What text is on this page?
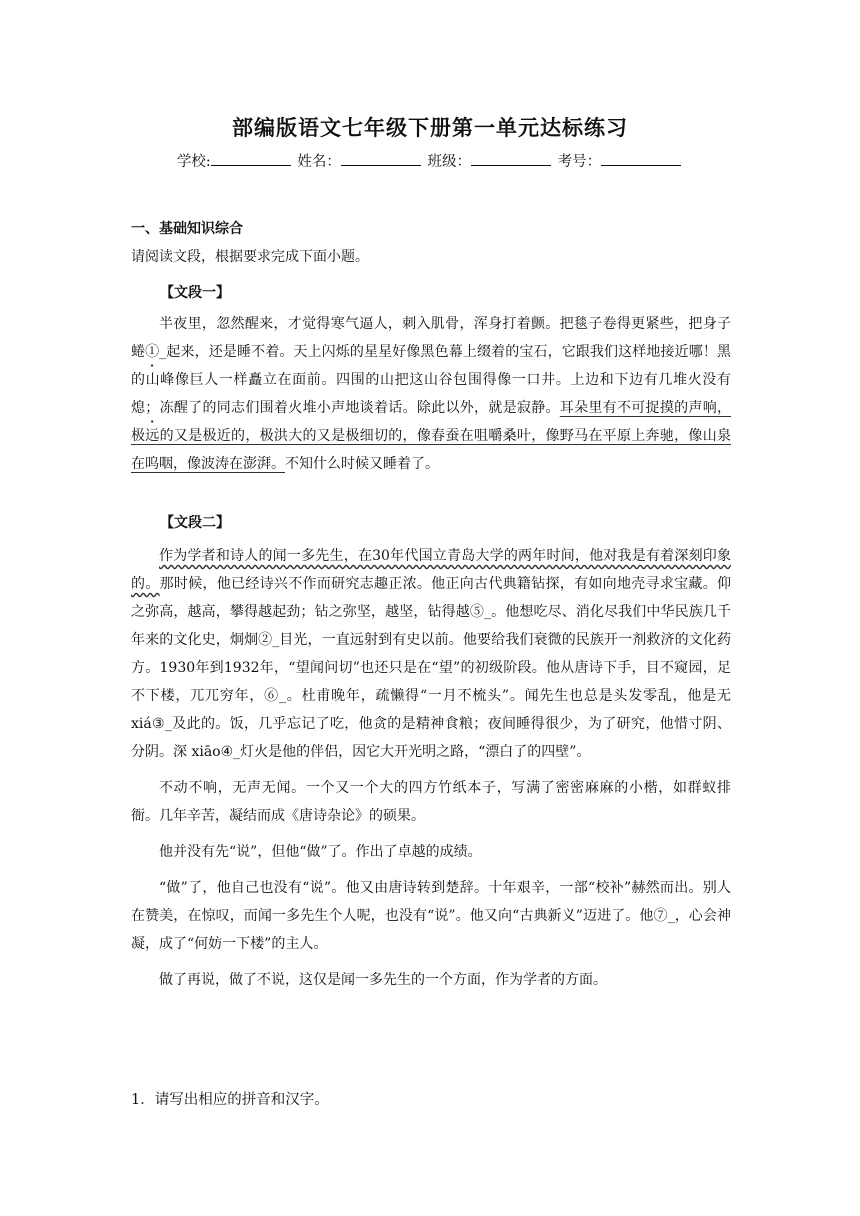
部编版语文七年级下册第一单元达标练习
学校:	姓名：	班级：	考号：
一、基础知识综合
请阅读文段，根据要求完成下面小题。
【文段一】

半夜里，忽然醒来，才觉得寒气逼人，刺入肌骨，浑身打着颤。把毯子卷得更紧些，把身子蜷①_起来，还是睡不着。天上闪烁的星星好像黑色幕上缀着的宝石，它跟我们这样地接近哪！黑的山峰像巨人一样矗立在面前。四围的山把这山谷包围得像一口井。上边和下边有几堆火没有熄；冻醒了的同志们围着火堆小声地谈着话。除此以外，就是寂静。耳朵里有不可捉摸的声响，极远的又是极近的，极洪大的又是极细切的，像春蚕在咀嚼桑叶，像野马在平原上奔驰，像山泉在呜咽，像波涛在澎湃。不知什么时候又睡着了。

【文段二】

作为学者和诗人的闻一多先生，在30年代国立青岛大学的两年时间，他对我是有着深刻印象的。那时候，他已经诗兴不作而研究志趣正浓。他正向古代典籍钻探，有如向地壳寻求宝藏。仰之弥高，越高，攀得越起劲；钻之弥坚，越坚，钻得越⑤_。他想吃尽、消化尽我们中华民族几千年来的文化史，炯炯②_目光，一直远射到有史以前。他要给我们衰微的民族开一剂救济的文化药方。1930年到1932年，“望闻问切”也还只是在“望”的初级阶段。他从唐诗下手，目不窥园，足不下楼，兀兀穷年，⑥_。杜甫晚年，疏懒得“一月不梳头”。闻先生也总是头发零乱，他是无 xiá③_及此的。饭，几乎忘记了吃，他贪的是精神食粮；夜间睡得很少，为了研究，他惜寸阴、分阴。深 xiāo④_灯火是他的伴侣，因它大开光明之路，“漂白了的四壁”。

不动不响，无声无闻。一个又一个大的四方竹纸本子，写满了密密麻麻的小楷，如群蚁排衙。几年辛苦，凝结而成《唐诗杂论》的硕果。

他并没有先“说”，但他“做”了。作出了卓越的成绩。

“做”了，他自己也没有“说”。他又由唐诗转到楚辞。十年艰辛，一部“校补”赫然而出。别人在赞美，在惊叹，而闻一多先生个人呢，也没有“说”。他又向“古典新义”迈进了。他⑦_，心会神凝，成了“何妨一下楼”的主人。

做了再说，做了不说，这仅是闻一多先生的一个方面，作为学者的方面。

1．请写出相应的拼音和汉字。
